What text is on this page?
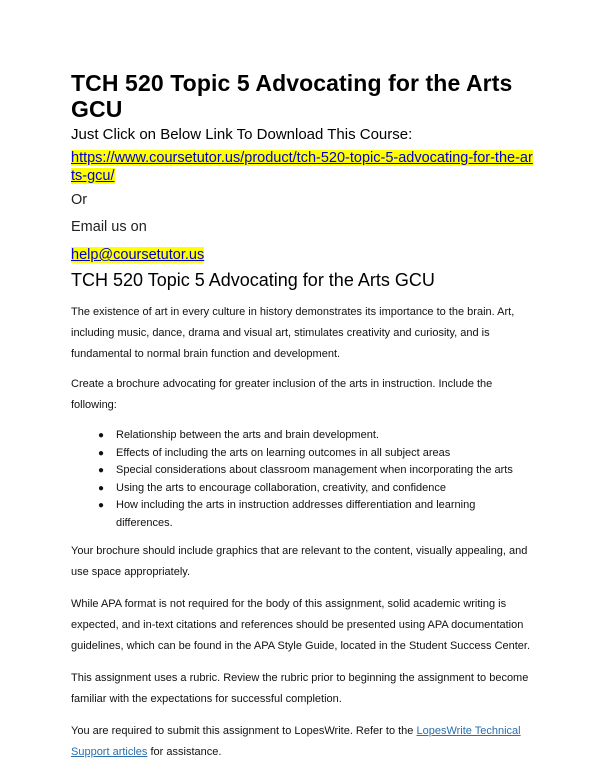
TCH 520 Topic 5 Advocating for the Arts GCU

Just Click on Below Link To Download This Course:

https://www.coursetutor.us/product/tch-520-topic-5-advocating-for-the-arts-gcu/

Or

Email us on

help@coursetutor.us
TCH 520 Topic 5 Advocating for the Arts GCU

The existence of art in every culture in history demonstrates its importance to the brain. Art, including music, dance, drama and visual art, stimulates creativity and curiosity, and is fundamental to normal brain function and development.

Create a brochure advocating for greater inclusion of the arts in instruction. Include the following:

● Relationship between the arts and brain development.
● Effects of including the arts on learning outcomes in all subject areas
● Special considerations about classroom management when incorporating the arts
● Using the arts to encourage collaboration, creativity, and confidence
● How including the arts in instruction addresses differentiation and learning differences.

Your brochure should include graphics that are relevant to the content, visually appealing, and use space appropriately.

While APA format is not required for the body of this assignment, solid academic writing is expected, and in-text citations and references should be presented using APA documentation guidelines, which can be found in the APA Style Guide, located in the Student Success Center.

This assignment uses a rubric. Review the rubric prior to beginning the assignment to become familiar with the expectations for successful completion.

You are required to submit this assignment to LopesWrite. Refer to the LopesWrite Technical Support articles for assistance.
